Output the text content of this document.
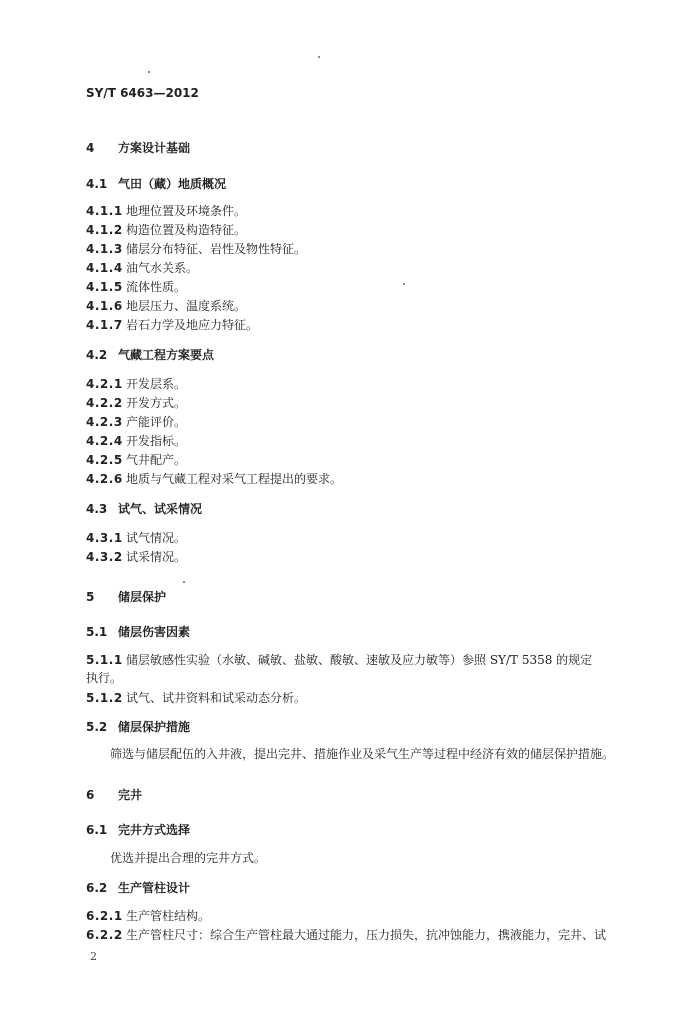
SY/T 6463—2012
4 方案设计基础
4.1 气田（藏）地质概况
4.1.1 地理位置及环境条件。
4.1.2 构造位置及构造特征。
4.1.3 储层分布特征、岩性及物性特征。
4.1.4 油气水关系。
4.1.5 流体性质。
4.1.6 地层压力、温度系统。
4.1.7 岩石力学及地应力特征。
4.2 气藏工程方案要点
4.2.1 开发层系。
4.2.2 开发方式。
4.2.3 产能评价。
4.2.4 开发指标。
4.2.5 气井配产。
4.2.6 地质与气藏工程对采气工程提出的要求。
4.3 试气、试采情况
4.3.1 试气情况。
4.3.2 试采情况。
5 储层保护
5.1 储层伤害因素
5.1.1 储层敏感性实验（水敏、碱敏、盐敏、酸敏、速敏及应力敏等）参照 SY/T 5358 的规定
执行。
5.1.2 试气、试井资料和试采动态分析。
5.2 储层保护措施
筛选与储层配伍的入井液，提出完井、措施作业及采气生产等过程中经济有效的储层保护措施。
6 完井
6.1 完井方式选择
优选并提出合理的完井方式。
6.2 生产管柱设计
6.2.1 生产管柱结构。
6.2.2 生产管柱尺寸：综合生产管柱最大通过能力，压力损失，抗冲蚀能力，携液能力，完井、试
2
